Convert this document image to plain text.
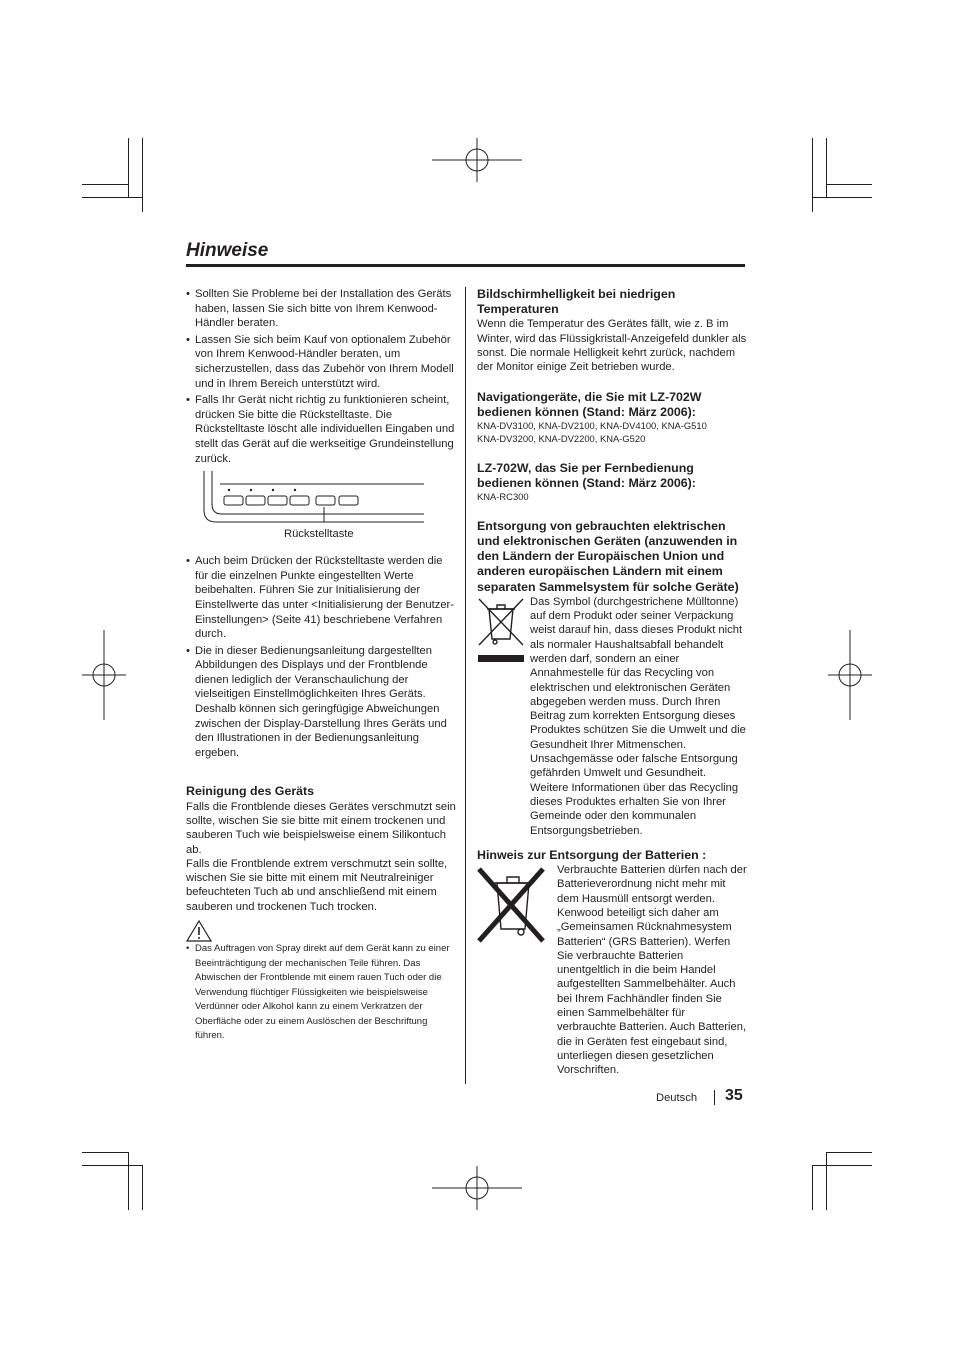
Hinweise
• Sollten Sie Probleme bei der Installation des Geräts haben, lassen Sie sich bitte von Ihrem Kenwood-Händler beraten.
• Lassen Sie sich beim Kauf von optionalem Zubehör von Ihrem Kenwood-Händler beraten, um sicherzustellen, dass das Zubehör von Ihrem Modell und in Ihrem Bereich unterstützt wird.
• Falls Ihr Gerät nicht richtig zu funktionieren scheint, drücken Sie bitte die Rückstelltaste. Die Rückstelltaste löscht alle individuellen Eingaben und stellt das Gerät auf die werkseitige Grundeinstellung zurück.
Rückstelltaste
• Auch beim Drücken der Rückstelltaste werden die für die einzelnen Punkte eingestellten Werte beibehalten. Führen Sie zur Initialisierung der Einstellwerte das unter <Initialisierung der Benutzer-Einstellungen> (Seite 41) beschriebene Verfahren durch.
• Die in dieser Bedienungsanleitung dargestellten Abbildungen des Displays und der Frontblende dienen lediglich der Veranschaulichung der vielseitigen Einstellmöglichkeiten Ihres Geräts. Deshalb können sich geringfügige Abweichungen zwischen der Display-Darstellung Ihres Geräts und den Illustrationen in der Bedienungsanleitung ergeben.
Reinigung des Geräts
Falls die Frontblende dieses Gerätes verschmutzt sein sollte, wischen Sie sie bitte mit einem trockenen und sauberen Tuch wie beispielsweise einem Silikontuch ab.
Falls die Frontblende extrem verschmutzt sein sollte, wischen Sie sie bitte mit einem mit Neutralreiniger befeuchteten Tuch ab und anschließend mit einem sauberen und trockenen Tuch trocken.
• Das Auftragen von Spray direkt auf dem Gerät kann zu einer Beeinträchtigung der mechanischen Teile führen. Das Abwischen der Frontblende mit einem rauen Tuch oder die Verwendung flüchtiger Flüssigkeiten wie beispielsweise Verdünner oder Alkohol kann zu einem Verkratzen der Oberfläche oder zu einem Auslöschen der Beschriftung führen.
Bildschirmhelligkeit bei niedrigen Temperaturen
Wenn die Temperatur des Gerätes fällt, wie z. B im Winter, wird das Flüssigkristall-Anzeigefeld dunkler als sonst. Die normale Helligkeit kehrt zurück, nachdem der Monitor einige Zeit betrieben wurde.
Navigationgeräte, die Sie mit LZ-702W bedienen können (Stand: März 2006):
KNA-DV3100, KNA-DV2100, KNA-DV4100, KNA-G510
KNA-DV3200, KNA-DV2200, KNA-G520
LZ-702W, das Sie per Fernbedienung bedienen können (Stand: März 2006):
KNA-RC300
Entsorgung von gebrauchten elektrischen und elektronischen Geräten (anzuwenden in den Ländern der Europäischen Union und anderen europäischen Ländern mit einem separaten Sammelsystem für solche Geräte)
Das Symbol (durchgestrichene Mülltonne) auf dem Produkt oder seiner Verpackung weist darauf hin, dass dieses Produkt nicht als normaler Haushaltsabfall behandelt werden darf, sondern an einer Annahmestelle für das Recycling von elektrischen und elektronischen Geräten abgegeben werden muss. Durch Ihren Beitrag zum korrekten Entsorgung dieses Produktes schützen Sie die Umwelt und die Gesundheit Ihrer Mitmenschen. Unsachgemässe oder falsche Entsorgung gefährden Umwelt und Gesundheit. Weitere Informationen über das Recycling dieses Produktes erhalten Sie von Ihrer Gemeinde oder den kommunalen Entsorgungsbetrieben.
Hinweis zur Entsorgung der Batterien :
Verbrauchte Batterien dürfen nach der Batterieverordnung nicht mehr mit dem Hausmüll entsorgt werden. Kenwood beteiligt sich daher am „Gemeinsamen Rücknahmesystem Batterien“ (GRS Batterien). Werfen Sie verbrauchte Batterien unentgeltlich in die beim Handel aufgestellten Sammelbehälter. Auch bei Ihrem Fachhändler finden Sie einen Sammelbehälter für verbrauchte Batterien. Auch Batterien, die in Geräten fest eingebaut sind, unterliegen diesen gesetzlichen Vorschriften.
Deutsch 35
